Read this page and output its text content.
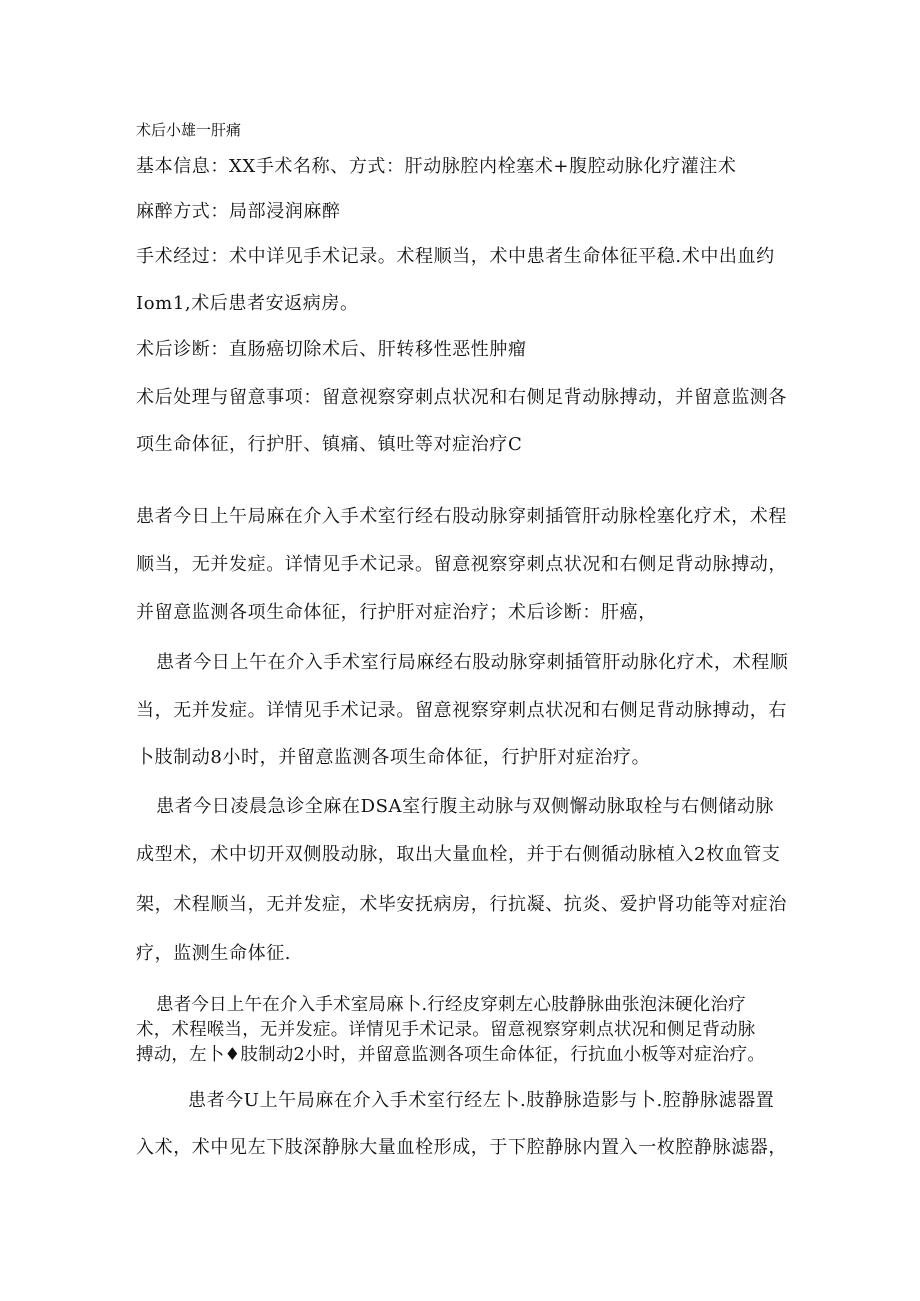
术后小雄一肝痛
基本信息：XX手术名称、方式：肝动脉腔内栓塞术+腹腔动脉化疗灌注术
麻醉方式：局部浸润麻醉
手术经过：术中详见手术记录。术程顺当，术中患者生命体征平稳.术中出血约
Iom1,术后患者安返病房。
术后诊断：直肠癌切除术后、肝转移性恶性肿瘤
术后处理与留意事项：留意视察穿刺点状况和右侧足背动脉搏动，并留意监测各
项生命体征，行护肝、镇痛、镇吐等对症治疗C
患者今日上午局麻在介入手术室行经右股动脉穿刺插管肝动脉栓塞化疗术，术程
顺当，无并发症。详情见手术记录。留意视察穿刺点状况和右侧足背动脉搏动，
并留意监测各项生命体征，行护肝对症治疗；术后诊断：肝癌，
患者今日上午在介入手术室行局麻经右股动脉穿刺插管肝动脉化疗术，术程顺
当，无并发症。详情见手术记录。留意视察穿刺点状况和右侧足背动脉搏动，右
卜肢制动8小时，并留意监测各项生命体征，行护肝对症治疗。
患者今日凌晨急诊全麻在DSA室行腹主动脉与双侧懈动脉取栓与右侧储动脉
成型术，术中切开双侧股动脉，取出大量血栓，并于右侧循动脉植入2枚血管支
架，术程顺当，无并发症，术毕安抚病房，行抗凝、抗炎、爱护肾功能等对症治
疗，监测生命体征.
患者今日上午在介入手术室局麻卜.行经皮穿刺左心肢静脉曲张泡沫硬化治疗
术，术程喉当，无并发症。详情见手术记录。留意视察穿刺点状况和侧足背动脉
搏动，左卜♦肢制动2小时，并留意监测各项生命体征，行抗血小板等对症治疗。
患者今U上午局麻在介入手术室行经左卜.肢静脉造影与卜.腔静脉滤器置
入术，术中见左下肢深静脉大量血栓形成，于下腔静脉内置入一枚腔静脉滤器，
